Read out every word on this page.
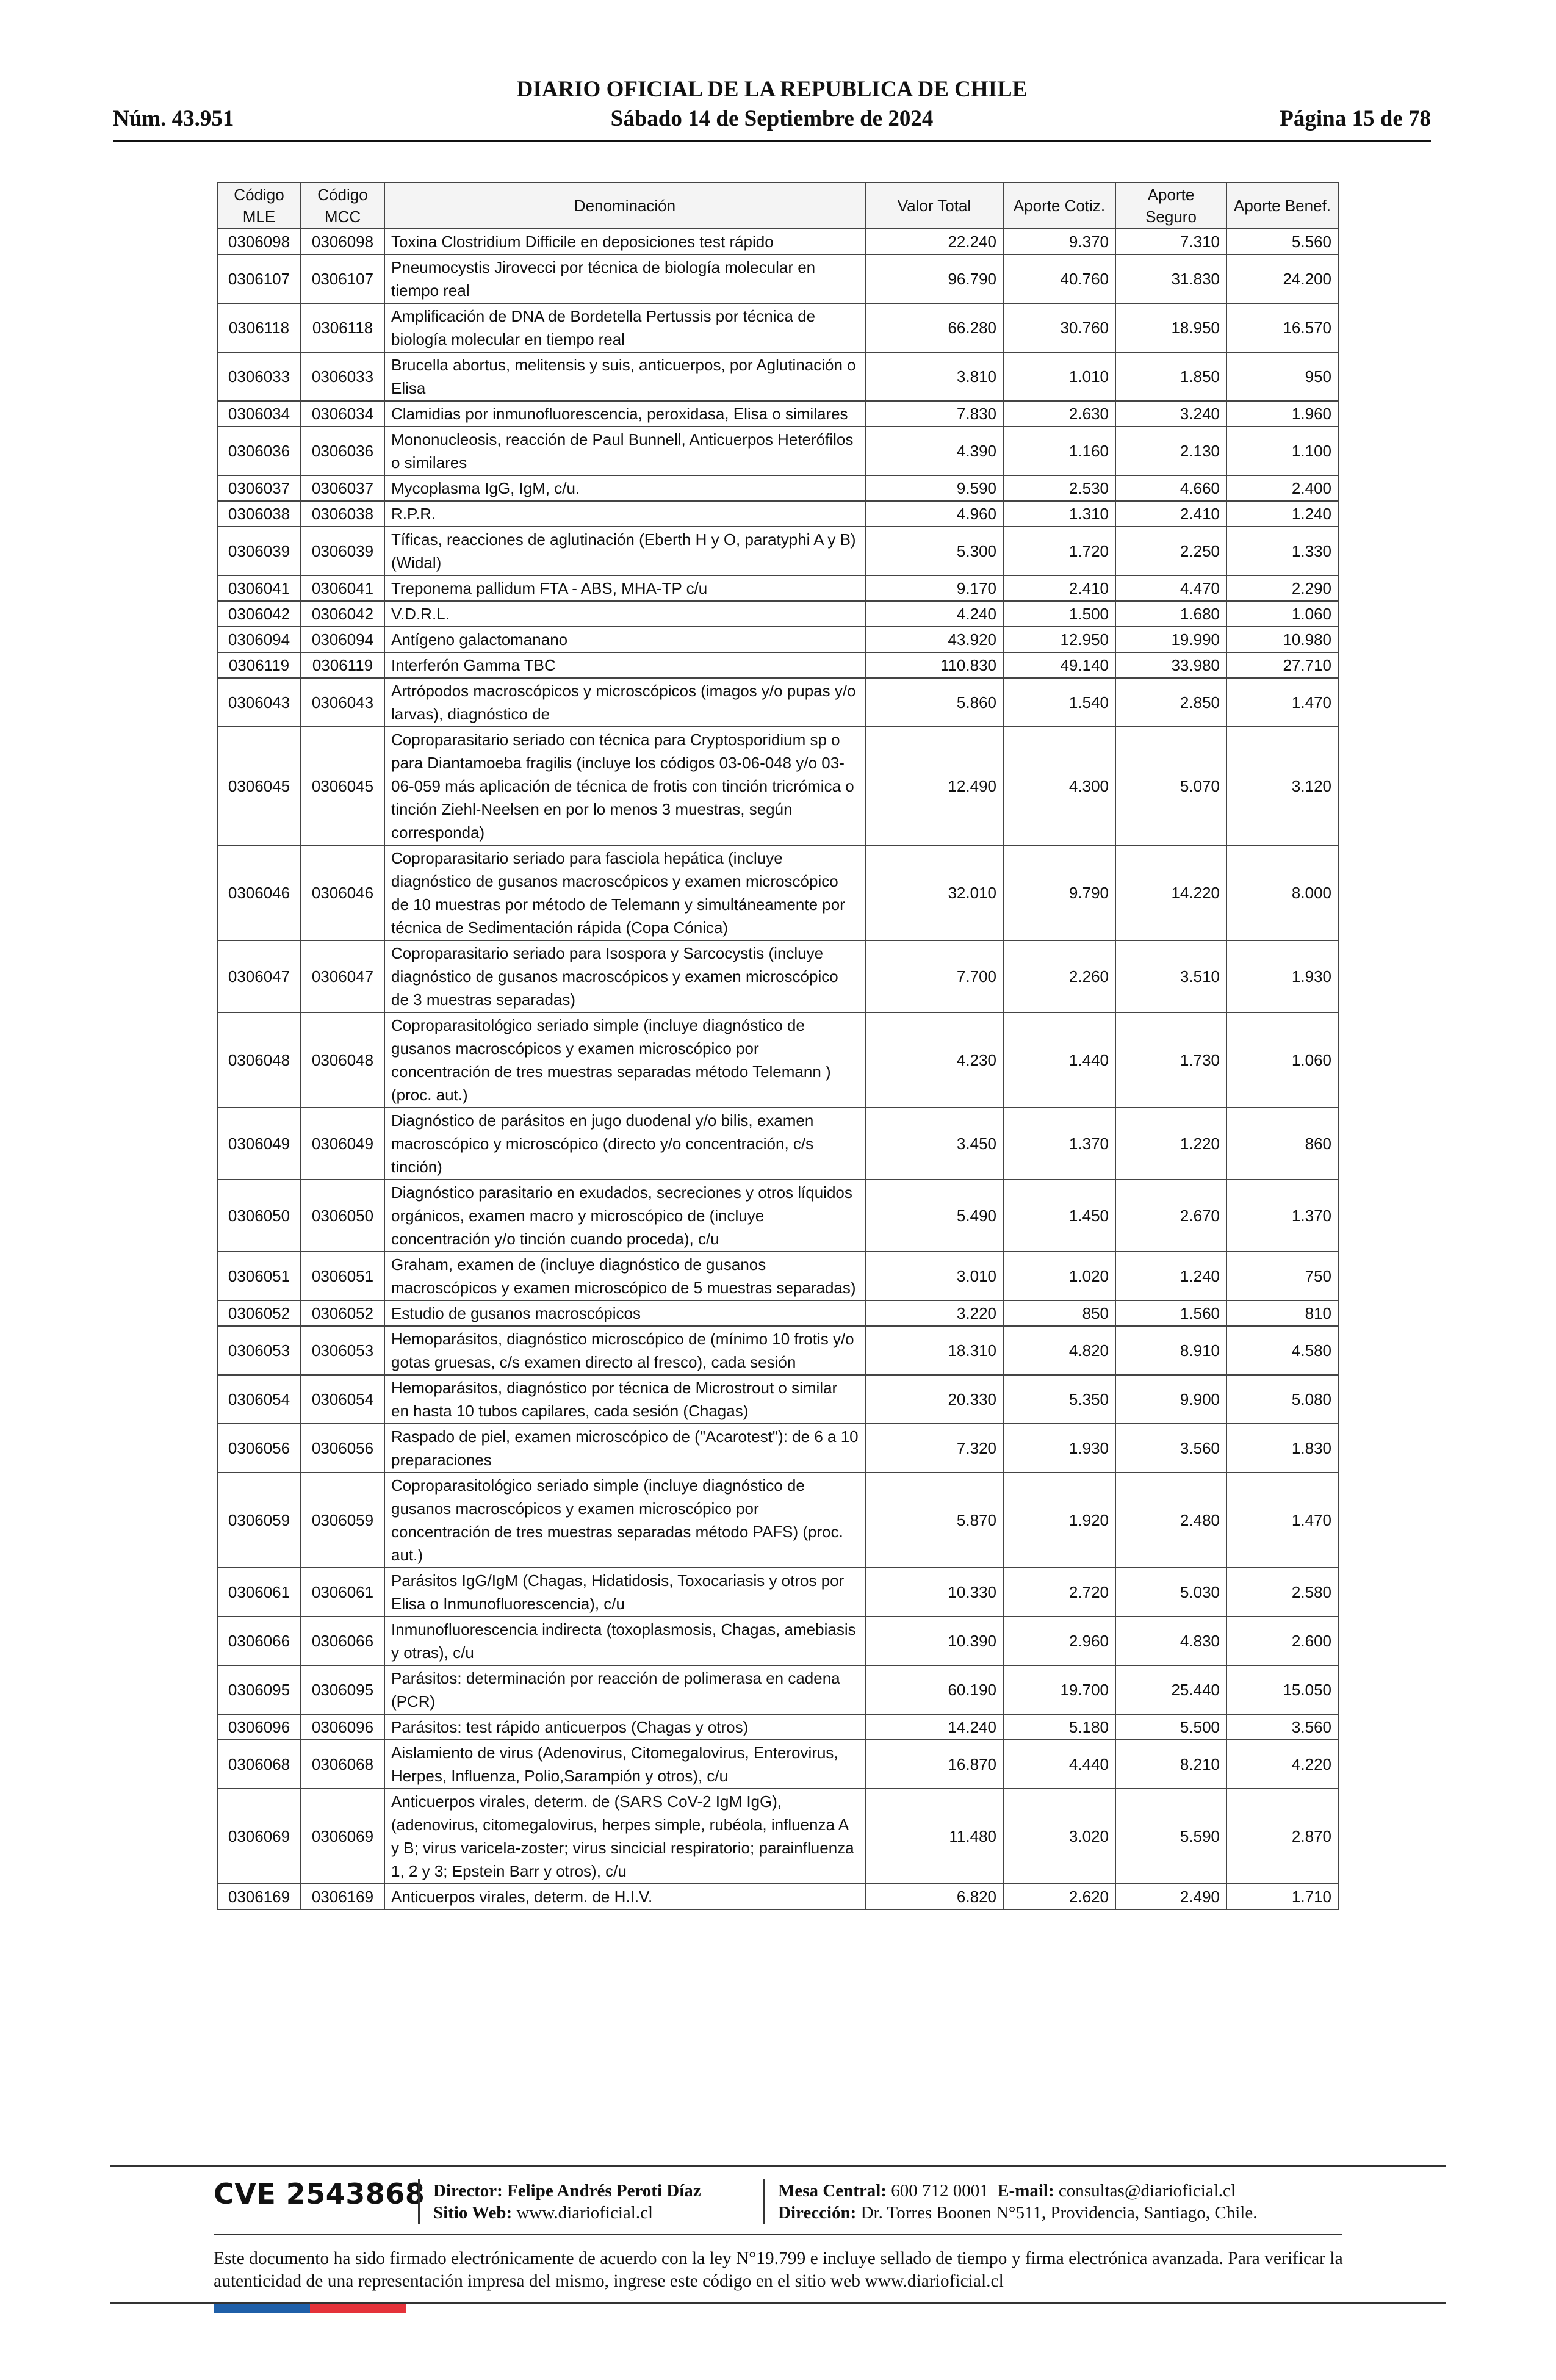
DIARIO OFICIAL DE LA REPUBLICA DE CHILE
Núm. 43.951	Sábado 14 de Septiembre de 2024	Página 15 de 78
Código MLE	Código MCC	Denominación	Valor Total	Aporte Cotiz.	Aporte Seguro	Aporte Benef.
0306098	0306098	Toxina Clostridium Difficile en deposiciones test rápido	22.240	9.370	7.310	5.560
0306107	0306107	Pneumocystis Jirovecci por técnica de biología molecular en tiempo real	96.790	40.760	31.830	24.200
0306118	0306118	Amplificación de DNA de Bordetella Pertussis por técnica de biología molecular en tiempo real	66.280	30.760	18.950	16.570
0306033	0306033	Brucella abortus, melitensis y suis, anticuerpos, por Aglutinación o Elisa	3.810	1.010	1.850	950
0306034	0306034	Clamidias por inmunofluorescencia, peroxidasa, Elisa o similares	7.830	2.630	3.240	1.960
0306036	0306036	Mononucleosis, reacción de Paul Bunnell, Anticuerpos Heterófilos o similares	4.390	1.160	2.130	1.100
0306037	0306037	Mycoplasma IgG, IgM, c/u.	9.590	2.530	4.660	2.400
0306038	0306038	R.P.R.	4.960	1.310	2.410	1.240
0306039	0306039	Tíficas, reacciones de aglutinación (Eberth H y O, paratyphi A y B) (Widal)	5.300	1.720	2.250	1.330
0306041	0306041	Treponema pallidum FTA - ABS, MHA-TP c/u	9.170	2.410	4.470	2.290
0306042	0306042	V.D.R.L.	4.240	1.500	1.680	1.060
0306094	0306094	Antígeno galactomanano	43.920	12.950	19.990	10.980
0306119	0306119	Interferón Gamma TBC	110.830	49.140	33.980	27.710
0306043	0306043	Artrópodos macroscópicos y microscópicos (imagos y/o pupas y/o larvas), diagnóstico de	5.860	1.540	2.850	1.470
0306045	0306045	Coproparasitario seriado con técnica para Cryptosporidium sp o para Diantamoeba fragilis (incluye los códigos 03-06-048 y/o 03-06-059 más aplicación de técnica de frotis con tinción tricrómica o tinción Ziehl-Neelsen en por lo menos 3 muestras, según corresponda)	12.490	4.300	5.070	3.120
0306046	0306046	Coproparasitario seriado para fasciola hepática (incluye diagnóstico de gusanos macroscópicos y examen microscópico de 10 muestras por método de Telemann y simultáneamente por técnica de Sedimentación rápida (Copa Cónica)	32.010	9.790	14.220	8.000
0306047	0306047	Coproparasitario seriado para Isospora y Sarcocystis (incluye diagnóstico de gusanos macroscópicos y examen microscópico de 3 muestras separadas)	7.700	2.260	3.510	1.930
0306048	0306048	Coproparasitológico seriado simple (incluye diagnóstico de gusanos macroscópicos y examen microscópico por concentración de tres muestras separadas método Telemann ) (proc. aut.)	4.230	1.440	1.730	1.060
0306049	0306049	Diagnóstico de parásitos en jugo duodenal y/o bilis, examen macroscópico y microscópico (directo y/o concentración, c/s tinción)	3.450	1.370	1.220	860
0306050	0306050	Diagnóstico parasitario en exudados, secreciones y otros líquidos orgánicos, examen macro y microscópico de (incluye concentración y/o tinción cuando proceda), c/u	5.490	1.450	2.670	1.370
0306051	0306051	Graham, examen de (incluye diagnóstico de gusanos macroscópicos y examen microscópico de 5 muestras separadas)	3.010	1.020	1.240	750
0306052	0306052	Estudio de gusanos macroscópicos	3.220	850	1.560	810
0306053	0306053	Hemoparásitos, diagnóstico microscópico de (mínimo 10 frotis y/o gotas gruesas, c/s examen directo al fresco), cada sesión	18.310	4.820	8.910	4.580
0306054	0306054	Hemoparásitos, diagnóstico por técnica de Microstrout o similar en hasta 10 tubos capilares, cada sesión (Chagas)	20.330	5.350	9.900	5.080
0306056	0306056	Raspado de piel, examen microscópico de ("Acarotest"): de 6 a 10 preparaciones	7.320	1.930	3.560	1.830
0306059	0306059	Coproparasitológico seriado simple (incluye diagnóstico de gusanos macroscópicos y examen microscópico por concentración de tres muestras separadas método PAFS) (proc. aut.)	5.870	1.920	2.480	1.470
0306061	0306061	Parásitos IgG/IgM (Chagas, Hidatidosis, Toxocariasis y otros por Elisa o Inmunofluorescencia), c/u	10.330	2.720	5.030	2.580
0306066	0306066	Inmunofluorescencia indirecta (toxoplasmosis, Chagas, amebiasis y otras), c/u	10.390	2.960	4.830	2.600
0306095	0306095	Parásitos: determinación por reacción de polimerasa en cadena (PCR)	60.190	19.700	25.440	15.050
0306096	0306096	Parásitos: test rápido anticuerpos (Chagas y otros)	14.240	5.180	5.500	3.560
0306068	0306068	Aislamiento de virus (Adenovirus, Citomegalovirus, Enterovirus, Herpes, Influenza, Polio,Sarampión y otros), c/u	16.870	4.440	8.210	4.220
0306069	0306069	Anticuerpos virales, determ. de (SARS CoV-2 IgM IgG), (adenovirus, citomegalovirus, herpes simple, rubéola, influenza A y B; virus varicela-zoster; virus sincicial respiratorio; parainfluenza 1, 2 y 3; Epstein Barr y otros), c/u	11.480	3.020	5.590	2.870
0306169	0306169	Anticuerpos virales, determ. de H.I.V.	6.820	2.620	2.490	1.710
CVE 2543868 Director: Felipe Andrés Peroti Díaz
Sitio Web: www.diarioficial.cl
Mesa Central: 600 712 0001 E-mail: consultas@diarioficial.cl
Dirección: Dr. Torres Boonen N°511, Providencia, Santiago, Chile.
Este documento ha sido firmado electrónicamente de acuerdo con la ley N°19.799 e incluye sellado de tiempo y firma electrónica avanzada. Para verificar la autenticidad de una representación impresa del mismo, ingrese este código en el sitio web www.diarioficial.cl
